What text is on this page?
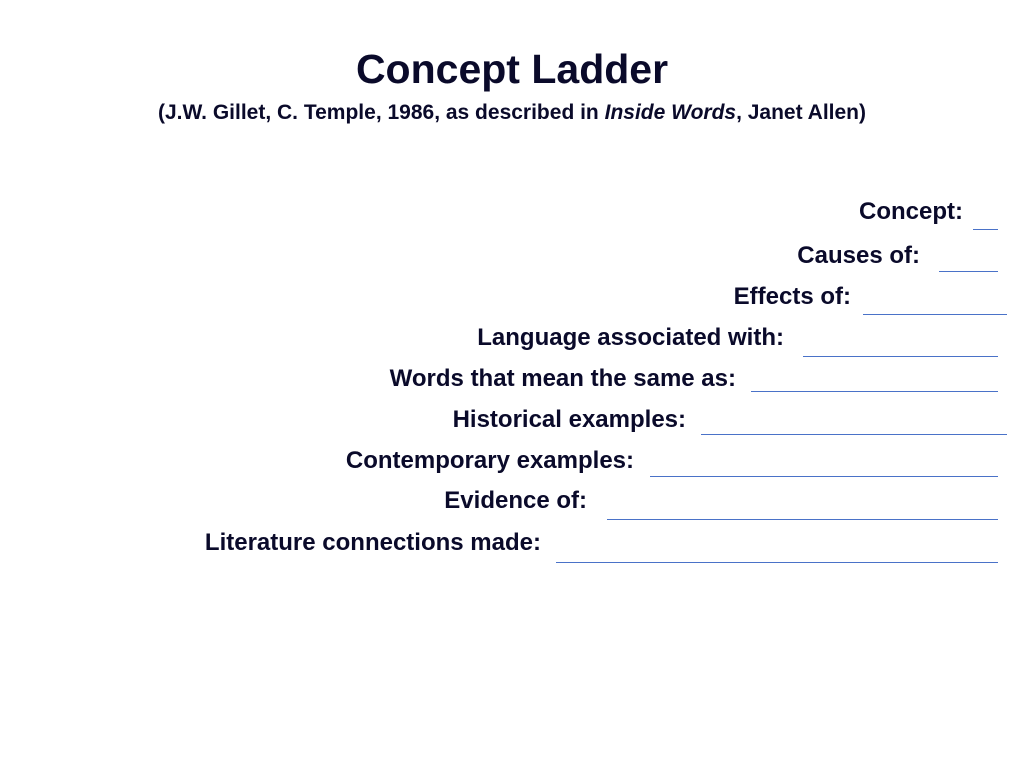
Concept Ladder

(J.W. Gillet, C. Temple, 1986, as described in Inside Words, Janet Allen)

Concept:
Causes of:
Effects of:
Language associated with:
Words that mean the same as:
Historical examples:
Contemporary examples:
Evidence of:
Literature connections made:
